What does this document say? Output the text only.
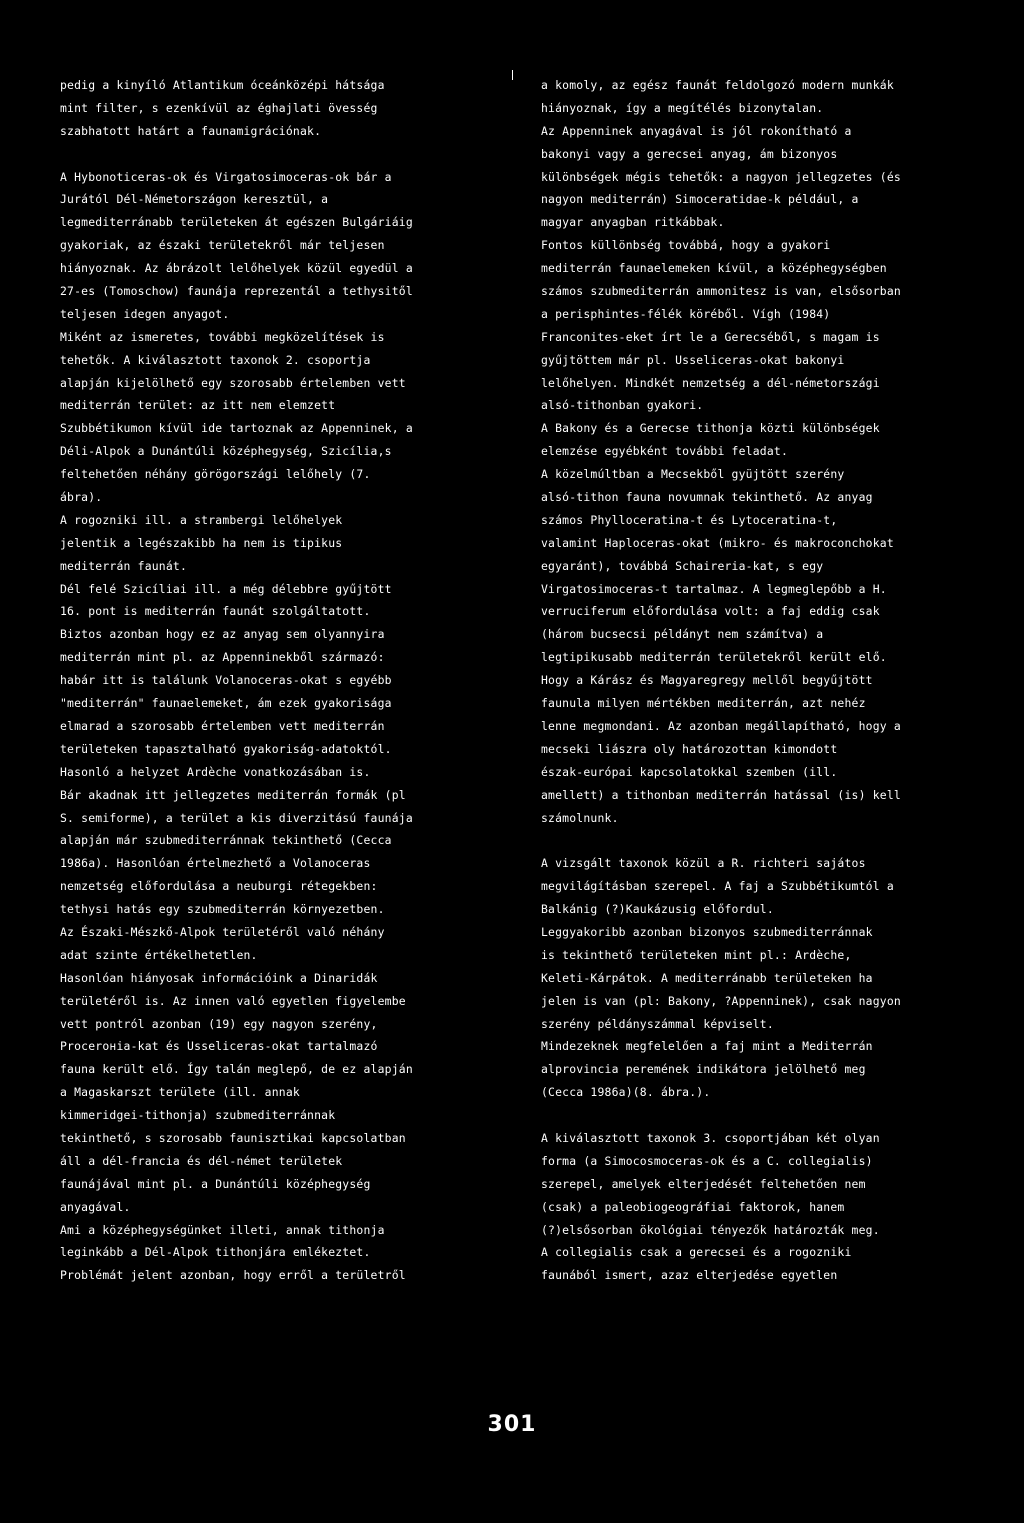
pedig a kinyíló Atlantikum óceánközépi hátsága
mint filter, s ezenkívül az éghajlati övesség
szabhatott határt a faunamigrációnak.
A Hybonoticeras-ok és Virgatosimoceras-ok bár a
Jurától Dél-Németországon keresztül, a
legmediterránabb területeken át egészen Bulgáriáig
gyakoriak, az északi területekről már teljesen
hiányoznak. Az ábrázolt lelőhelyek közül egyedül a
27-es (Tomoschow) faunája reprezentál a tethysitől
teljesen idegen anyagot.
Miként az ismeretes, további megközelítések is
tehetők. A kiválasztott taxonok 2. csoportja
alapján kijelölhető egy szorosabb értelemben vett
mediterrán terület: az itt nem elemzett
Szubbétikumon kívül ide tartoznak az Appenninek, a
Déli-Alpok a Dunántúli középhegység, Szicília,s
feltehetően néhány görögországi lelőhely (7.
ábra).
A rogozniki ill. a strambergi lelőhelyek
jelentik a legészakibb ha nem is tipikus
mediterrán faunát.
Dél felé Szicíliai ill. a még délebbre gyűjtött
16. pont is mediterrán faunát szolgáltatott.
Biztos azonban hogy ez az anyag sem olyannyira
mediterrán mint pl. az Appenninekből származó:
habár itt is találunk Volanoceras-okat s egyébb
"mediterrán" faunaelemeket, ám ezek gyakorisága
elmarad a szorosabb értelemben vett mediterrán
területeken tapasztalható gyakoriság-adatoktól.
Hasonló a helyzet Ardèche vonatkozásában is.
Bár akadnak itt jellegzetes mediterrán formák (pl
S. semiforme), a terület a kis diverzitású faunája
alapján már szubmediterránnak tekinthető (Cecca
1986a). Hasonlóan értelmezhető a Volanoceras
nemzetség előfordulása a neuburgi rétegekben:
tethysi hatás egy szubmediterrán környezetben.
Az Északi-Mészkő-Alpok területéről való néhány
adat szinte értékelhetetlen.
Hasonlóan hiányosak információink a Dinaridák
területéről is. Az innen való egyetlen figyelembe
vett pontról azonban (19) egy nagyon szerény,
Procerонia-kat és Usseliceras-okat tartalmazó
fauna került elő. Így talán meglepő, de ez alapján
a Magaskarszt területe (ill. annak
kimmeridgei-tithonja) szubmediterránnak
tekinthető, s szorosabb faunisztikai kapcsolatban
áll a dél-francia és dél-német területek
faunájával mint pl. a Dunántúli középhegység
anyagával.
Ami a középhegységünket illeti, annak tithonja
leginkább a Dél-Alpok tithonjára emlékeztet.
Problémát jelent azonban, hogy erről a területről
a komoly, az egész faunát feldolgozó modern munkák
hiányoznak, így a megítélés bizonytalan.
Az Appenninek anyagával is jól rokonítható a
bakonyi vagy a gerecsei anyag, ám bizonyos
különbségek mégis tehetők: a nagyon jellegzetes (és
nagyon mediterrán) Simoceratidae-k például, a
magyar anyagban ritkábbak.
Fontos küllönbség továbbá, hogy a gyakori
mediterrán faunaelemeken kívül, a középhegységben
számos szubmediterrán ammonitesz is van, elsősorban
a perisphintes-félék köréből. Vígh (1984)
Franconites-eket írt le a Gerecséből, s magam is
gyűjtöttem már pl. Usseliceras-okat bakonyi
lelőhelyen. Mindkét nemzetség a dél-németországi
alsó-tithonban gyakori.
A Bakony és a Gerecse tithonja közti különbségek
elemzése egyébként további feladat.
A közelmúltban a Mecsekből gyüjtött szerény
alsó-tithon fauna novumnak tekinthető. Az anyag
számos Phylloceratina-t és Lytoceratina-t,
valamint Haploceras-okat (mikro- és makroconchokat
egyaránt), továbbá Schaireria-kat, s egy
Virgatosimoceras-t tartalmaz. A legmeglepőbb a H.
verruciferum előfordulása volt: a faj eddig csak
(három bucsecsi példányt nem számítva) a
legtipikusabb mediterrán területekről került elő.
Hogy a Kárász és Magyaregregy mellől begyűjtött
faunula milyen mértékben mediterrán, azt nehéz
lenne megmondani. Az azonban megállapítható, hogy a
mecseki liászra oly határozottan kimondott
észak-európai kapcsolatokkal szemben (ill.
amellett) a tithonban mediterrán hatással (is) kell
számolnunk.
A vizsgált taxonok közül a R. richteri sajátos
megvilágításban szerepel. A faj a Szubbétikumtól a
Balkánig (?)Kaukázusig előfordul.
Leggyakoribb azonban bizonyos szubmediterránnak
is tekinthető területeken mint pl.: Ardèche,
Keleti-Kárpátok. A mediterránabb területeken ha
jelen is van (pl: Bakony, ?Appenninek), csak nagyon
szerény példányszámmal képviselt.
Mindezeknek megfelelően a faj mint a Mediterrán
alprovincia peremének indikátora jelölhető meg
(Cecca 1986a)(8. ábra.).
A kiválasztott taxonok 3. csoportjában két olyan
forma (a Simocosmoceras-ok és a C. collegialis)
szerepel, amelyek elterjedését feltehetően nem
(csak) a paleobiogeográfiai faktorok, hanem
(?)elsősorban ökológiai tényezők határozták meg.
A collegialis csak a gerecsei és a rogozniki
faunából ismert, azaz elterjedése egyetlen
301
